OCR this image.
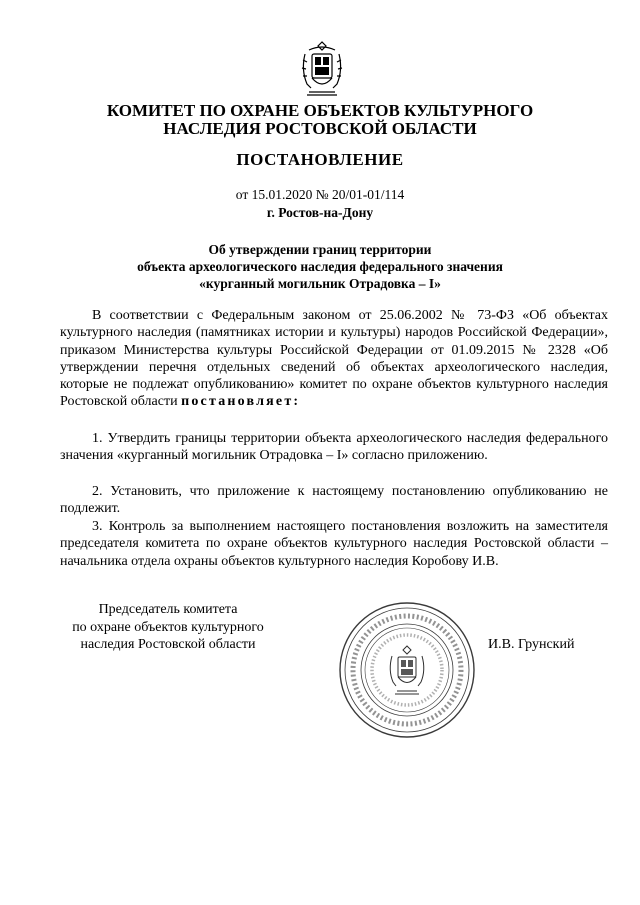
КОМИТЕТ ПО ОХРАНЕ ОБЪЕКТОВ КУЛЬТУРНОГО
НАСЛЕДИЯ РОСТОВСКОЙ ОБЛАСТИ
ПОСТАНОВЛЕНИЕ
от 15.01.2020 № 20/01-01/114
г. Ростов-на-Дону
Об утверждении границ территории
объекта археологического наследия федерального значения
«курганный могильник Отрадовка – I»

В соответствии с Федеральным законом от 25.06.2002 № 73-ФЗ «Об объектах культурного наследия (памятниках истории и культуры) народов Российской Федерации», приказом Министерства культуры Российской Федерации от 01.09.2015 № 2328 «Об утверждении перечня отдельных сведений об объектах археологического наследия, которые не подлежат опубликованию» комитет по охране объектов культурного наследия Ростовской области постановляет:

1. Утвердить границы территории объекта археологического наследия федерального значения «курганный могильник Отрадовка – I» согласно приложению.

2. Установить, что приложение к настоящему постановлению опубликованию не подлежит.

3. Контроль за выполнением настоящего постановления возложить на заместителя председателя комитета по охране объектов культурного наследия Ростовской области – начальника отдела охраны объектов культурного наследия Коробову И.В.

Председатель комитета
по охране объектов культурного
наследия Ростовской области	И.В. Грунский
